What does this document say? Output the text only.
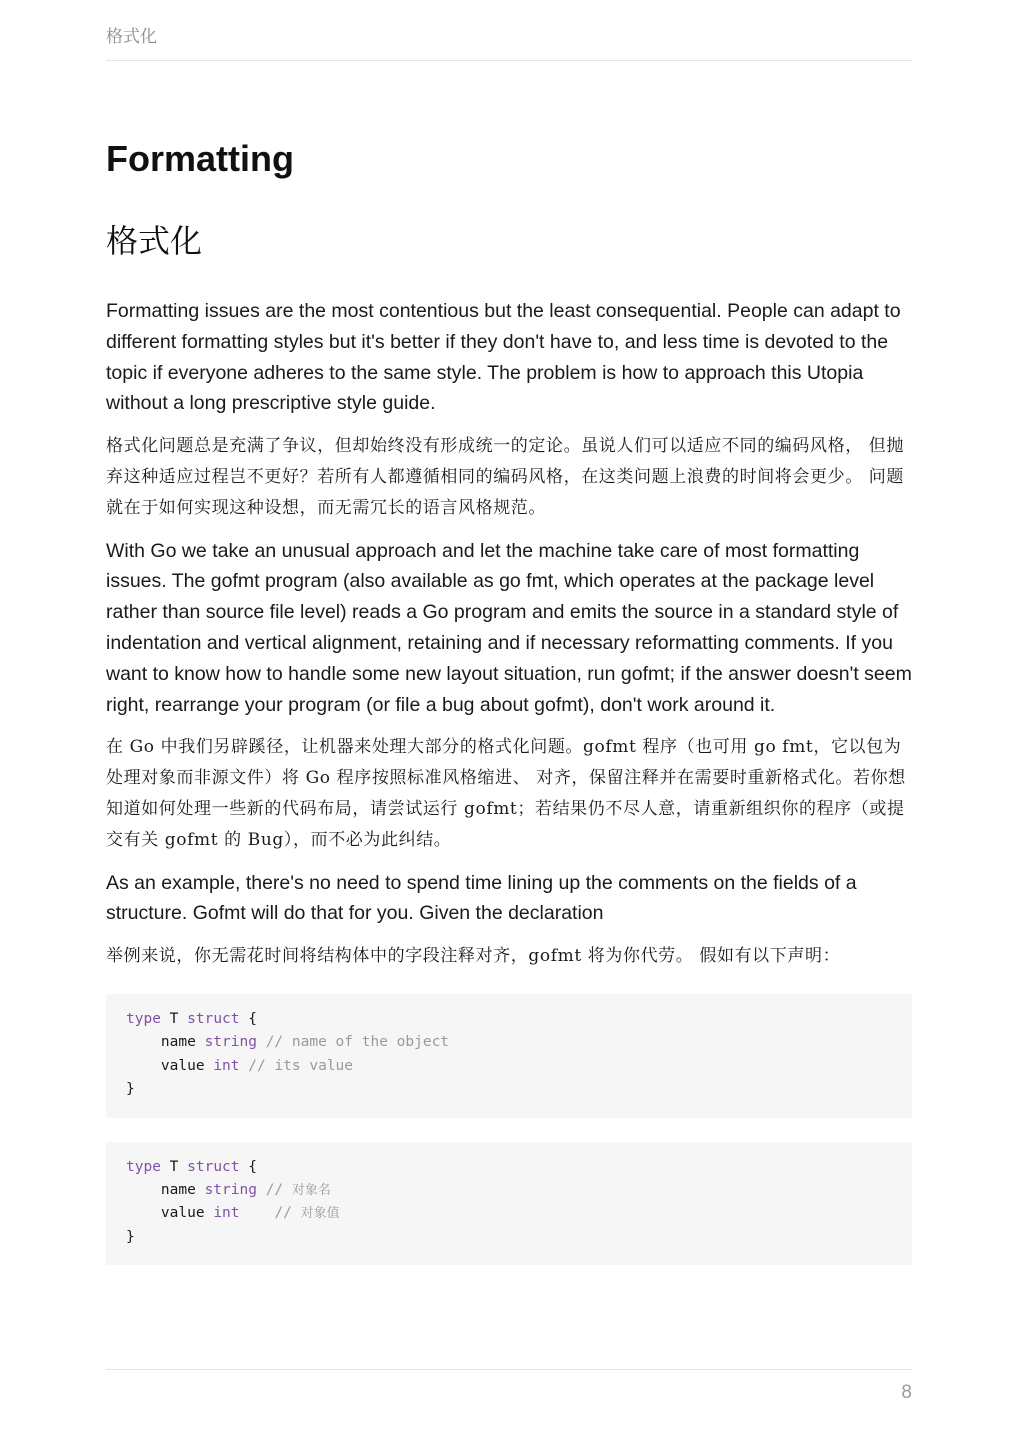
格式化
Formatting
格式化

Formatting issues are the most contentious but the least consequential. People can adapt to different formatting styles but it's better if they don't have to, and less time is devoted to the topic if everyone adheres to the same style. The problem is how to approach this Utopia without a long prescriptive style guide.

格式化问题总是充满了争议，但却始终没有形成统一的定论。虽说人们可以适应不同的编码风格， 但抛弃这种适应过程岂不更好？若所有人都遵循相同的编码风格，在这类问题上浪费的时间将会更少。 问题就在于如何实现这种设想，而无需冗长的语言风格规范。

With Go we take an unusual approach and let the machine take care of most formatting issues. The gofmt program (also available as go fmt, which operates at the package level rather than source file level) reads a Go program and emits the source in a standard style of indentation and vertical alignment, retaining and if necessary reformatting comments. If you want to know how to handle some new layout situation, run gofmt; if the answer doesn't seem right, rearrange your program (or file a bug about gofmt), don't work around it.

在 Go 中我们另辟蹊径，让机器来处理大部分的格式化问题。gofmt 程序（也可用 go fmt，它以包为处理对象而非源文件）将 Go 程序按照标准风格缩进、 对齐，保留注释并在需要时重新格式化。若你想知道如何处理一些新的代码布局，请尝试运行 gofmt；若结果仍不尽人意，请重新组织你的程序（或提交有关 gofmt 的 Bug），而不必为此纠结。

As an example, there's no need to spend time lining up the comments on the fields of a structure. Gofmt will do that for you. Given the declaration

举例来说，你无需花时间将结构体中的字段注释对齐，gofmt 将为你代劳。 假如有以下声明：

type T struct {
name string // name of the object
value int // its value
}
type T struct {
name string // 对象名
value int // 对象值
}
8
